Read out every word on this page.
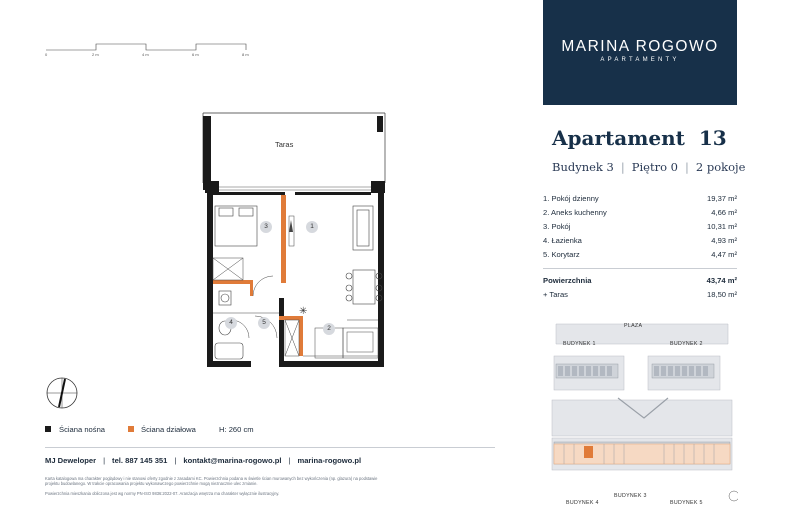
0	2 m	4 m	6 m	8 m
✳
Taras
1
2
3
4	5
Ściana nośna	Ściana działowa	H: 260 cm
MJ Deweloper | tel. 887 145 351 | kontakt@marina-rogowo.pl | marina-rogowo.pl
Karta katalogowa ma charakter poglądowy i nie stanowi oferty zgodnie z zasadami KC. Powierzchnia podana w świetle ścian murowanych bez wykończenia (np. glazura) na podstawie
projektu budowlanego. W trakcie opracowania projektu wykonawczego powierzchnie mogą nieznacznie ulec zmianie.
Powierzchnia mieszkania obliczona jest wg normy PN-ISO 9836:2022-07. Aranżacja wnętrza ma charakter wyłącznie ilustracyjny.
MARINA ROGOWO
APARTAMENTY
Apartament 13
Budynek 3 | Piętro 0 | 2 pokoje
1. Pokój dzienny	19,37 m²
2. Aneks kuchenny	4,66 m²
3. Pokój	10,31 m²
4. Łazienka	4,93 m²
5. Korytarz	4,47 m²
Powierzchnia	43,74 m²
+ Taras	18,50 m²
PLAZA
BUDYNEK 1	BUDYNEK 2
BUDYNEK 3
BUDYNEK 4	BUDYNEK 5
